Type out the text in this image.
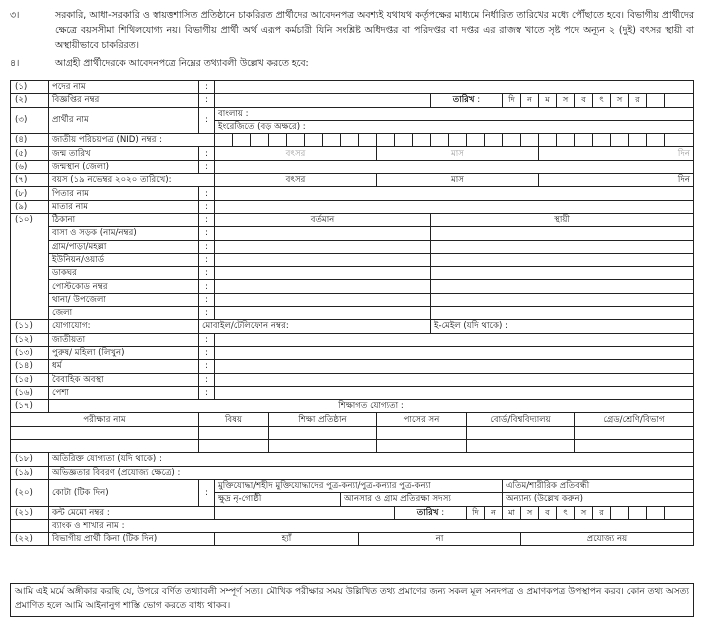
৩।	সরকারি, আধা-সরকারি ও স্বায়ত্তশাসিত প্রতিষ্ঠানে চাকরিরত প্রার্থীদের আবেদনপত্র অবশ্যই যথাযথ কর্তৃপক্ষের মাধ্যমে নির্ধারিত তারিখের মধ্যে পৌঁছাতে হবে। বিভাগীয় প্রার্থীদের ক্ষেত্রে বয়সসীমা শিথিলযোগ্য নয়। বিভাগীয় প্রার্থী অর্থ এরূপ কর্মচারী যিনি সংশ্লিষ্ট অধিদপ্তর বা পরিদপ্তর বা দপ্তর এর রাজস্ব খাতে সৃষ্ট পদে অন্যূন ২ (দুই) বৎসর স্থায়ী বা অস্থায়ীভাবে চাকরিরত।
৪।	আগ্রহী প্রার্থীদেরকে আবেদনপত্রে নিম্নের তথ্যাবলী উল্লেখ করতে হবে:
(১)	পদের নাম	:																										
(২)	বিজ্ঞপ্তির নম্বর	:													তারিখ :				দি	ন	ম	স	ব	ৎ	স	র		
(৩)	প্রার্থীর নাম	:	বাংলায় :																									
			ইংরেজিতে (বড় অক্ষরে) :																									
(৪)	জাতীয় পরিচয়পত্র (NID) নম্বর :																											
(৫)	জন্ম তারিখ	:	বৎসর									মাস									দিন							
(৬)	জন্মস্থান (জেলা)	:																										
(৭)	বয়স (১৯ নভেম্বর ২০২০ তারিখে):		বৎসর									মাস									দিন							
(৮)	পিতার নাম	:																										
(৯)	মাতার নাম	:																										
(১০)	ঠিকানা	:	বর্তমান												স্থায়ী													
	বাসা ও সড়ক (নাম/নম্বর)	:																										
	গ্রাম/পাড়া/মহল্লা	:																										
	ইউনিয়ন/ওয়ার্ড	:																										
	ডাকঘর	:																										
	পোস্টকোড নম্বর	:																										
	থানা/ উপজেলা	:																										
	জেলা	:																										
(১১)	যোগাযোগ:	মোবাইল/টেলিফোন নম্বর:													ই-মেইল (যদি থাকে) :													
(১২)	জাতীয়তা	:																										
(১৩)	পুরুষ/ মহিলা (লিখুন)	:																										
(১৪)	ধর্ম	:																										
(১৫)	বৈবাহিক অবস্থা	:																										
(১৬)	পেশা	:																										
(১৭)	শিক্ষাগত যোগ্যতা :																											
পরীক্ষার নাম		বিষয়				শিক্ষা প্রতিষ্ঠান						পাসের সন					বোর্ড/বিশ্ববিদ্যালয়						গ্রেড/শ্রেণি/বিভাগ					

(১৮)	অতিরিক্ত যোগ্যতা (যদি থাকে) :																											
(১৯)	অভিজ্ঞতার বিবরণ (প্রযোজ্য ক্ষেত্রে) :																											
(২০)	কোটা (টিক দিন)	:	মুক্তিযোদ্ধা/শহীদ মুক্তিযোদ্ধাদের পুত্র-কন্যা/পুত্র-কন্যার পুত্র-কন্যা																এতিম/শারীরিক প্রতিবন্ধী									
			ক্ষুদ্র নৃ-গোষ্ঠী							আনসার ও গ্রাম প্রতিরক্ষা সদস্য									অন্যান্য (উল্লেখ করুন)									
(২১)	কন্ট মেমো নম্বর :												তারিখ :				দি	ন	মা	স	ব	ৎ	স	র				
	ব্যাংক ও শাখার নাম :																											
(২২)	বিভাগীয় প্রার্থী কিনা (টিক দিন)		হ্যাঁ								না									প্রযোজ্য নয়								
আমি এই মর্মে অঙ্গীকার করছি যে, উপরে বর্ণিত তথ্যাবলী সম্পূর্ণ সত্য। মৌখিক পরীক্ষার সময় উল্লিখিত তথ্য প্রমাণের জন্য সকল মূল সনদপত্র ও প্রমাণকপত্র উপস্থাপন করব। কোন তথ্য অসত্য প্রমাণিত হলে আমি আইনানুগ শাস্তি ভোগ করতে বাধ্য থাকব।
